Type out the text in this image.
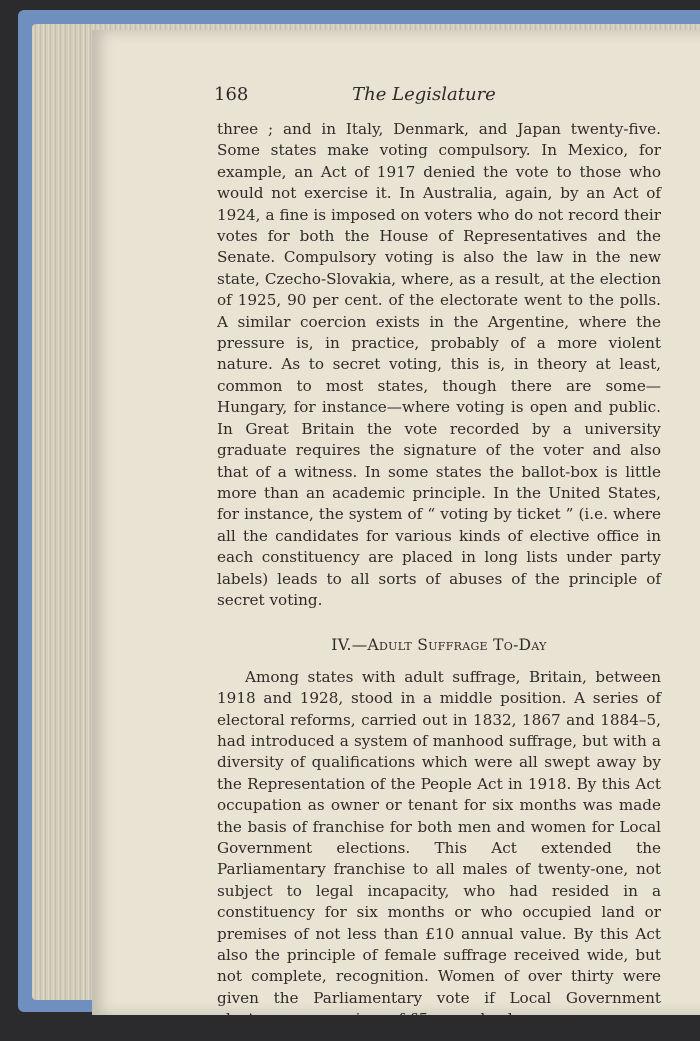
168	The Legislature

three ; and in Italy, Denmark, and Japan twenty-five. Some states make voting compulsory. In Mexico, for example, an Act of 1917 denied the vote to those who would not exercise it. In Australia, again, by an Act of 1924, a fine is imposed on voters who do not record their votes for both the House of Representatives and the Senate. Compulsory voting is also the law in the new state, Czecho-Slovakia, where, as a result, at the election of 1925, 90 per cent. of the electorate went to the polls. A similar coercion exists in the Argentine, where the pressure is, in practice, probably of a more violent nature. As to secret voting, this is, in theory at least, common to most states, though there are some—Hungary, for instance—where voting is open and public. In Great Britain the vote recorded by a university graduate requires the signature of the voter and also that of a witness. In some states the ballot-box is little more than an academic principle. In the United States, for instance, the system of “ voting by ticket ” (i.e. where all the candidates for various kinds of elective office in each constituency are placed in long lists under party labels) leads to all sorts of abuses of the principle of secret voting.

IV.—Adult Suffrage To-Day

Among states with adult suffrage, Britain, between 1918 and 1928, stood in a middle position. A series of electoral reforms, carried out in 1832, 1867 and 1884–5, had introduced a system of manhood suffrage, but with a diversity of qualifications which were all swept away by the Representation of the People Act in 1918. By this Act occupation as owner or tenant for six months was made the basis of franchise for both men and women for Local Government elections. This Act extended the Parliamentary franchise to all males of twenty-one, not subject to legal incapacity, who had resided in a constituency for six months or who occupied land or premises of not less than £10 annual value. By this Act also the principle of female suffrage received wide, but not complete, recognition. Women of over thirty were given the Parliamentary vote if Local Government electors, as occupiers of £5 annual value or as
